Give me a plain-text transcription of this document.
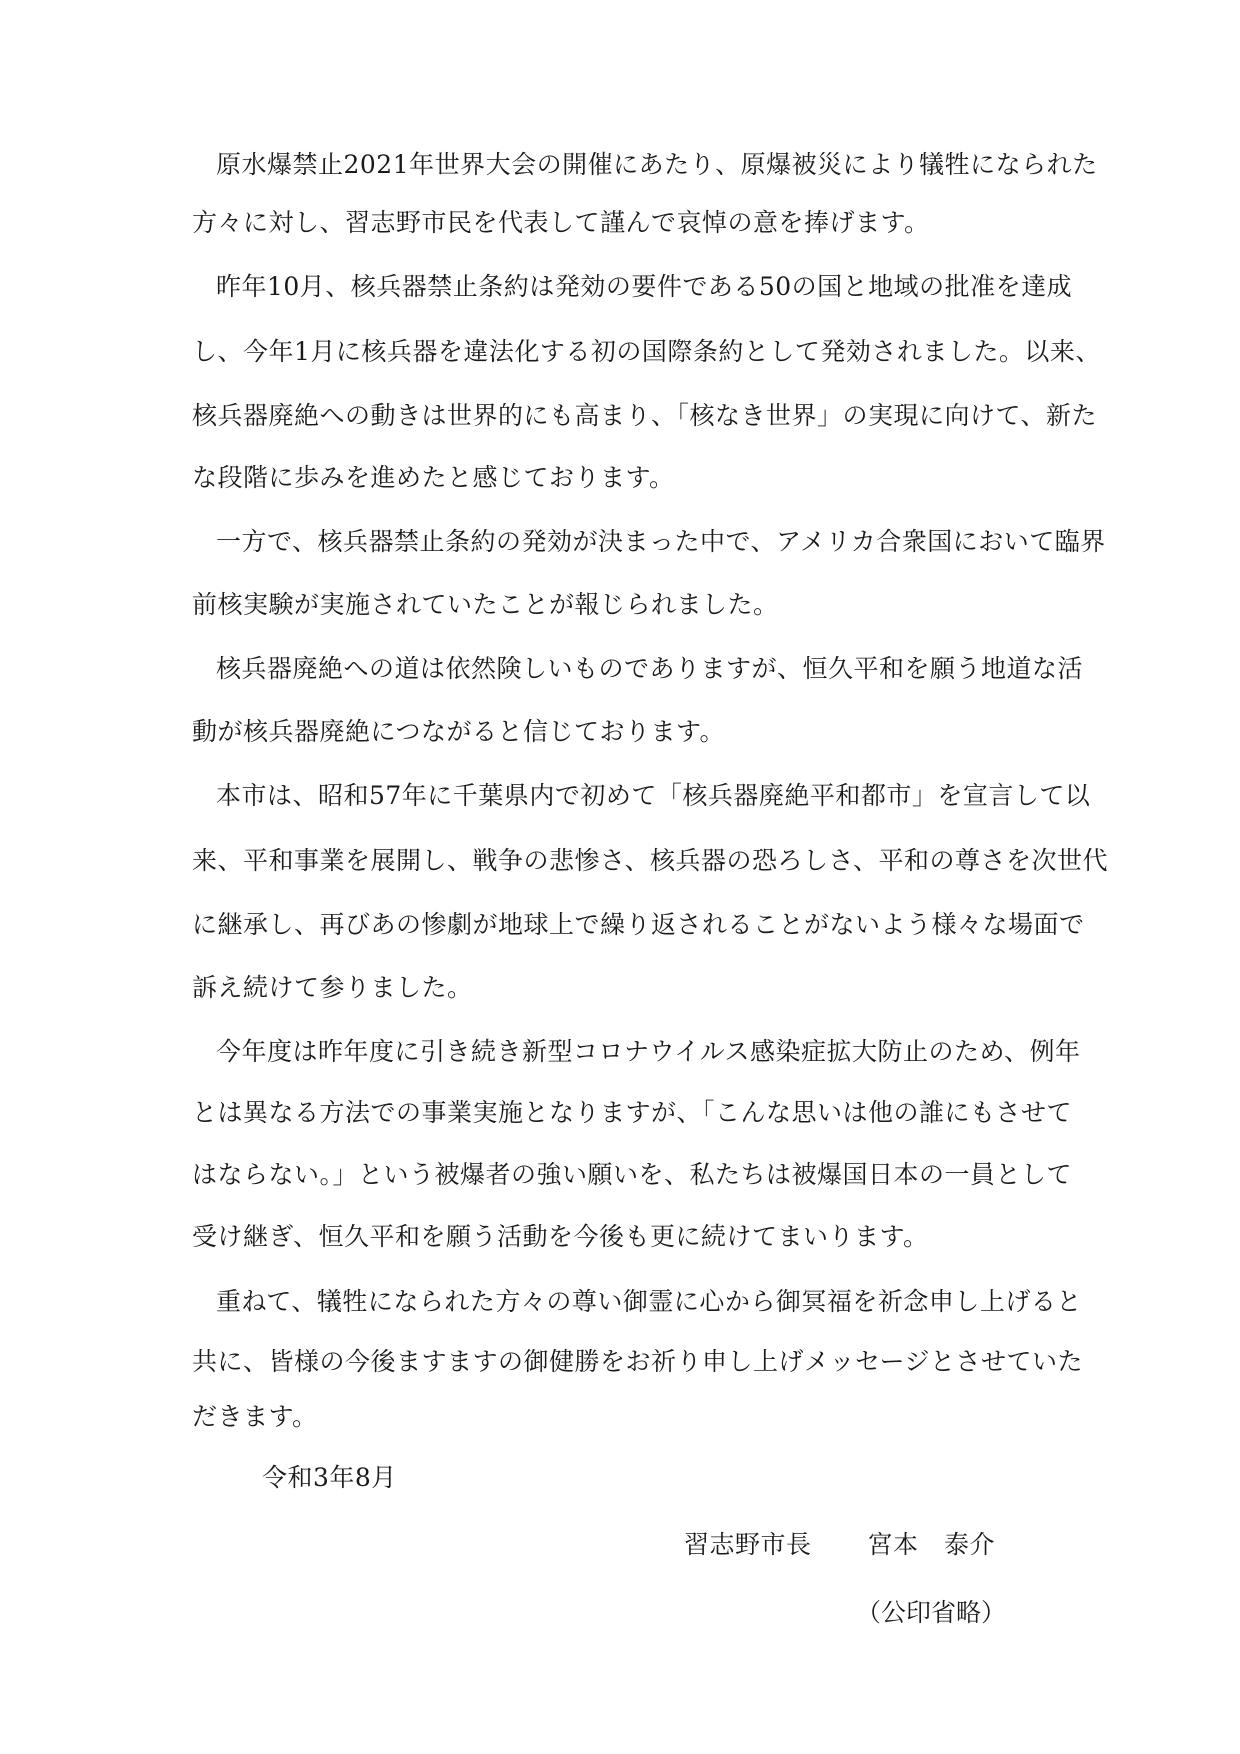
原水爆禁止2021年世界大会の開催にあたり、原爆被災により犠牲になられた
方々に対し、習志野市民を代表して謹んで哀悼の意を捧げます。
昨年10月、核兵器禁止条約は発効の要件である50の国と地域の批准を達成
し、今年1月に核兵器を違法化する初の国際条約として発効されました。以来、
核兵器廃絶への動きは世界的にも高まり、「核なき世界」の実現に向けて、新た
な段階に歩みを進めたと感じております。
一方で、核兵器禁止条約の発効が決まった中で、アメリカ合衆国において臨界
前核実験が実施されていたことが報じられました。
核兵器廃絶への道は依然険しいものでありますが、恒久平和を願う地道な活
動が核兵器廃絶につながると信じております。
本市は、昭和57年に千葉県内で初めて「核兵器廃絶平和都市」を宣言して以
来、平和事業を展開し、戦争の悲惨さ、核兵器の恐ろしさ、平和の尊さを次世代
に継承し、再びあの惨劇が地球上で繰り返されることがないよう様々な場面で
訴え続けて参りました。
今年度は昨年度に引き続き新型コロナウイルス感染症拡大防止のため、例年
とは異なる方法での事業実施となりますが、「こんな思いは他の誰にもさせて
はならない。」という被爆者の強い願いを、私たちは被爆国日本の一員として
受け継ぎ、恒久平和を願う活動を今後も更に続けてまいります。
重ねて、犠牲になられた方々の尊い御霊に心から御冥福を祈念申し上げると
共に、皆様の今後ますますの御健勝をお祈り申し上げメッセージとさせていた
だきます。
令和3年8月
習志野市長 宮本　泰介
（公印省略）
